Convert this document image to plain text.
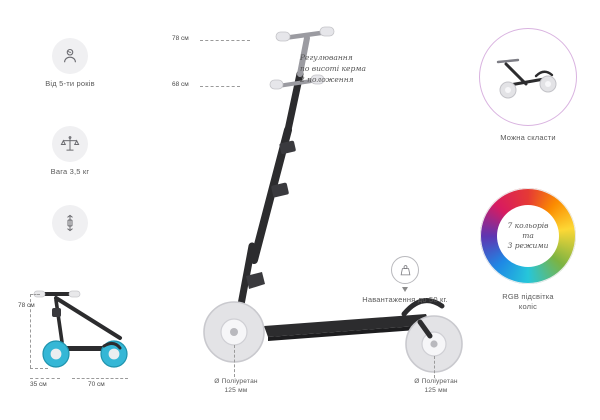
Від 5-ти років
Вага 3,5 кг
78 см
35 см	70 см
78 см
68 см
Регулювання
по висоті керма
2 положення
Навантаження до 50 кг.
Ø Поліуретан
125 мм
Ø Поліуретан
125 мм
Можна скласти
7 кольорів
та
3 режими
RGB підсвітка
коліс
